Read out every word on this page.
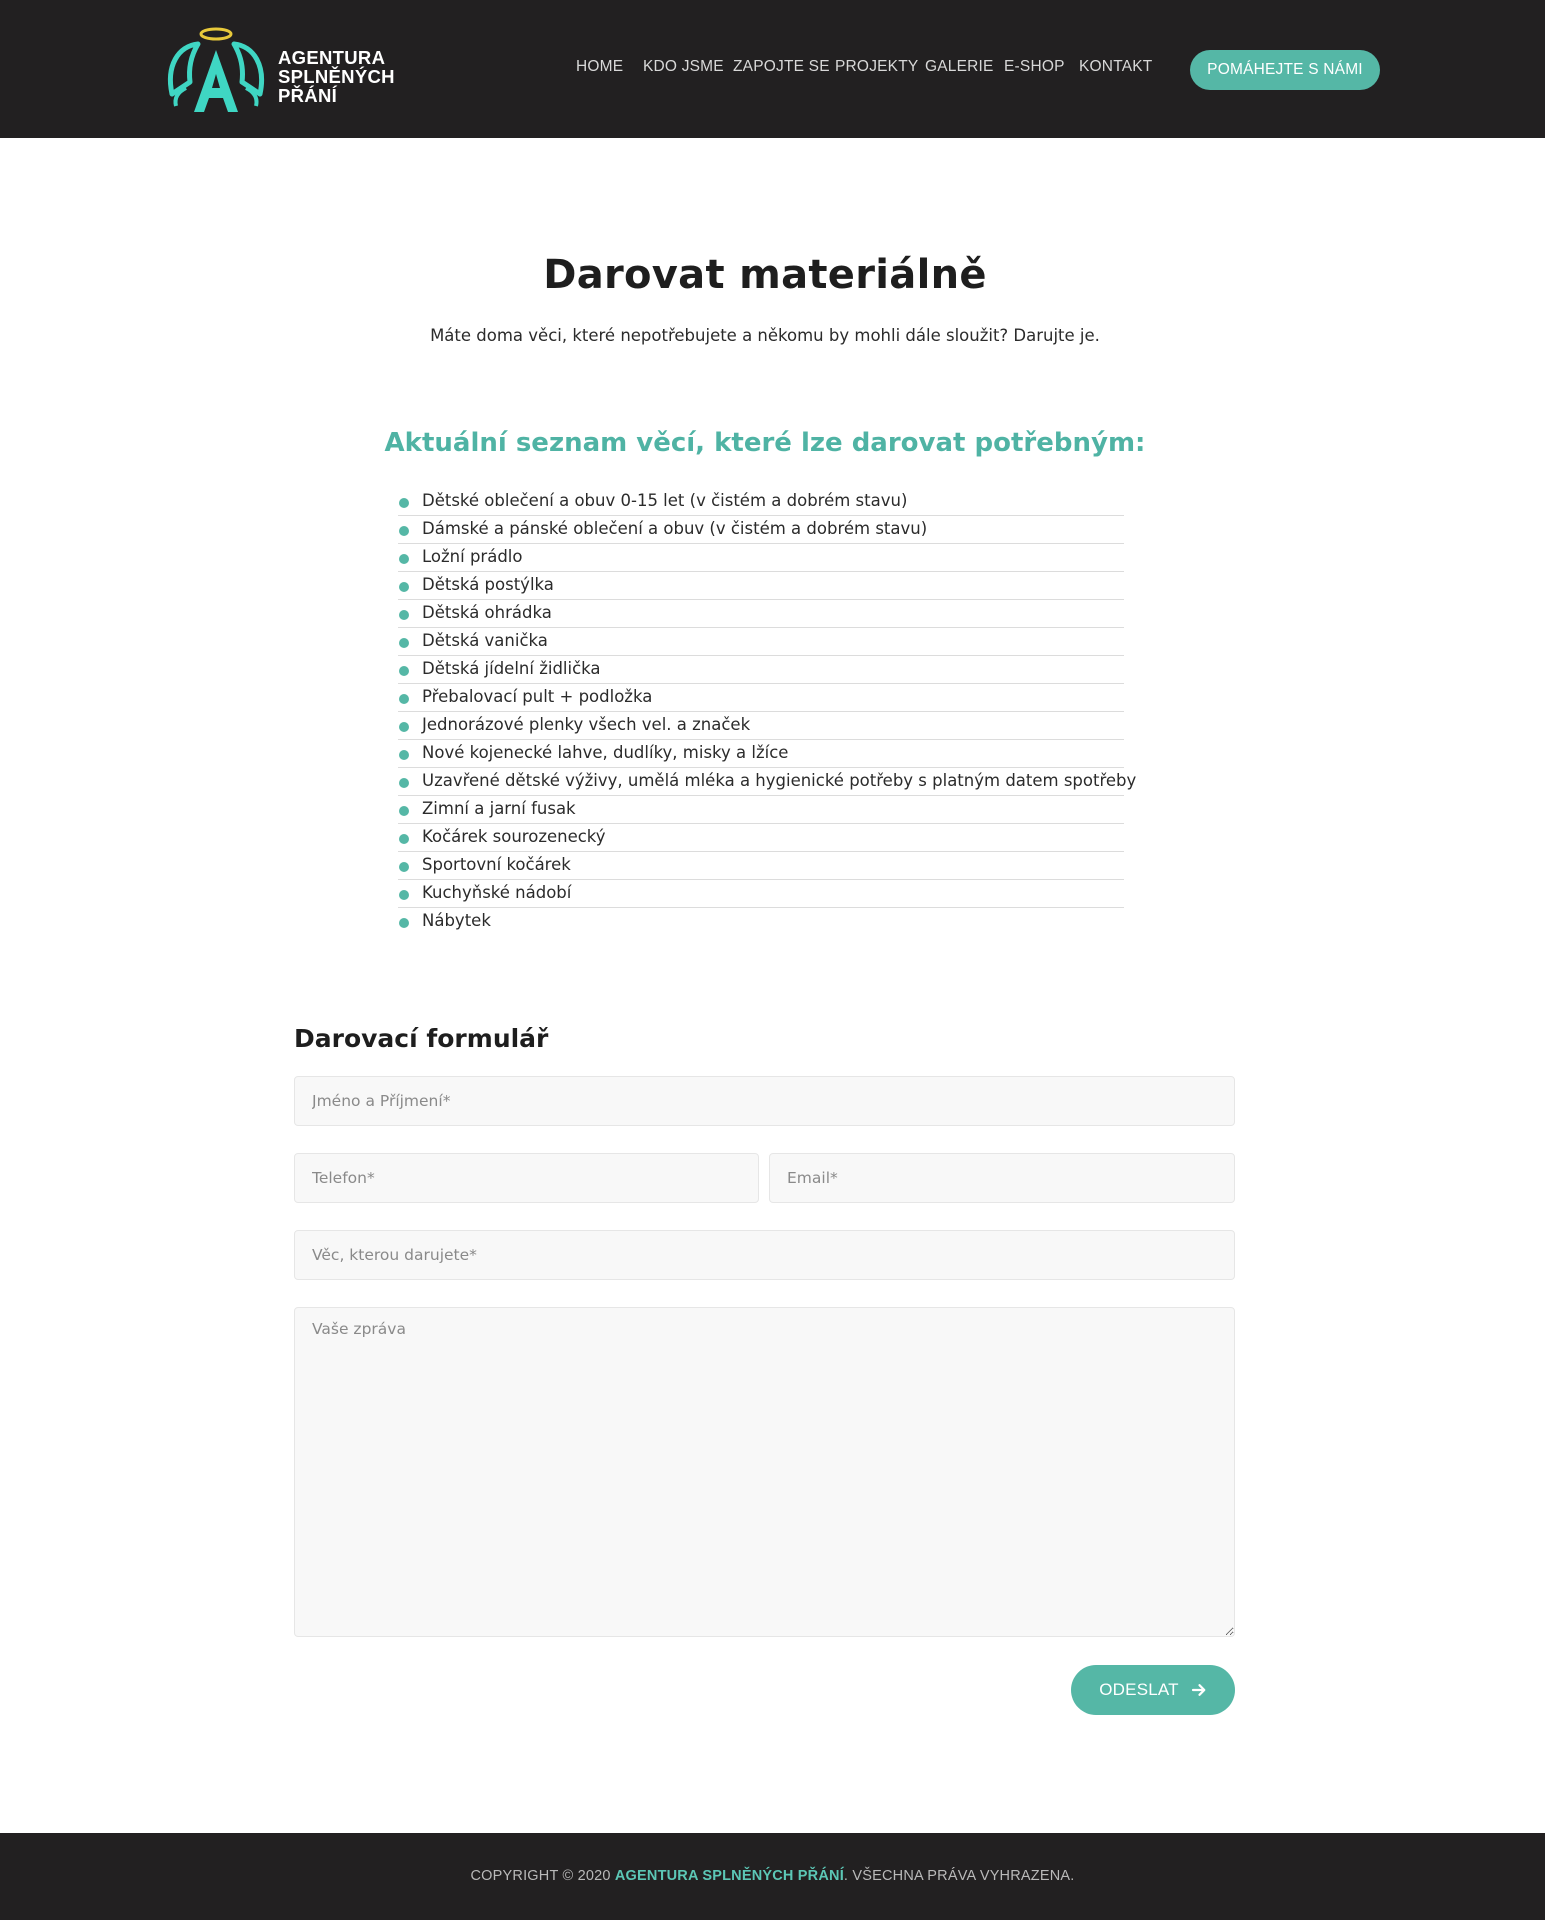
AGENTURA
SPLNĚNÝCH
PŘÁNÍ
HOME KDO JSME ZAPOJTE SE PROJEKTY GALERIE E-SHOP KONTAKT	POMÁHEJTE S NÁMI
Darovat materiálně

Máte doma věci, které nepotřebujete a někomu by mohli dále sloužit? Darujte je.

Aktuální seznam věcí, které lze darovat potřebným:
Dětské oblečení a obuv 0-15 let (v čistém a dobrém stavu)
Dámské a pánské oblečení a obuv (v čistém a dobrém stavu)
Ložní prádlo
Dětská postýlka
Dětská ohrádka
Dětská vanička
Dětská jídelní židlička
Přebalovací pult + podložka
Jednorázové plenky všech vel. a značek
Nové kojenecké lahve, dudlíky, misky a lžíce
Uzavřené dětské výživy, umělá mléka a hygienické potřeby s platným datem spotřeby
Zimní a jarní fusak
Kočárek sourozenecký
Sportovní kočárek
Kuchyňské nádobí
Nábytek
Darovací formulář
Jméno a Příjmení*
Telefon*
Email*
Věc, kterou darujete*
Vaše zpráva
ODESLAT
COPYRIGHT © 2020 AGENTURA SPLNĚNÝCH PŘÁNÍ. VŠECHNA PRÁVA VYHRAZENA.
